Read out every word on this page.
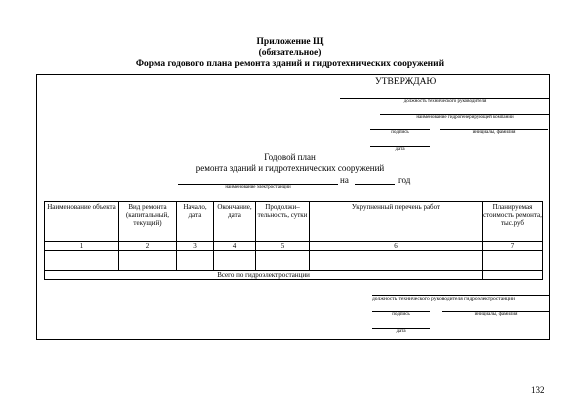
Приложение Щ
(обязательное)
Форма годового плана ремонта зданий и гидротехнических сооружений
УТВЕРЖДАЮ
должность технического руководителя
наименование гидрогенерирующей компании
подпись	инициалы, фамилия
дата
Годовой план
ремонта зданий и гидротехнических сооружений
на	год
наименование электростанции
Наименование объекта	Вид ремонта (капитальный, текущий)	Начало, дата	Окончание, дата	Продолжи–тельность, сутки	Укрупненный перечень работ	Планируемая стоимость ремонта, тыс.руб
1	2	3	4	5	6	7

Всего по гидроэлектростанции						
должность технического руководителя гидроэлектростанции
подпись	инициалы, фамилия
дата
132
